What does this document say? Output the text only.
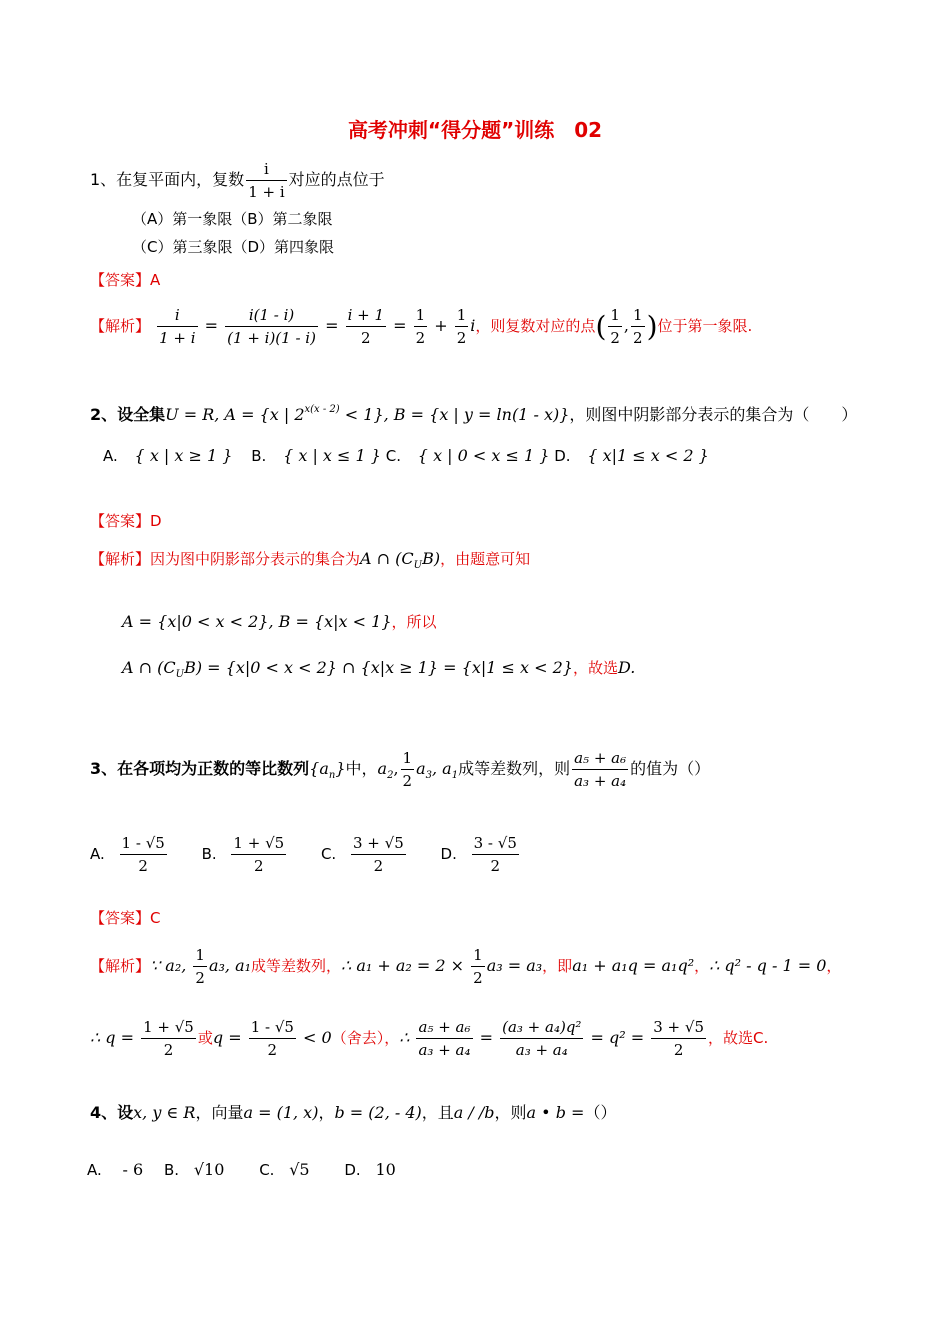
高考冲刺“得分题”训练　02
1、在复平面内，复数 $\frac{i}{1 + i}$ 对应的点位于
（A）第一象限（B）第二象限
（C）第三象限（D）第四象限
【答案】A
【解析】 $\frac{i}{1 + i} = \frac{i(1 - i)}{(1 + i)(1 - i)} = \frac{i + 1}{2} = \frac{1}{2} + \frac{1}{2}$ i，则复数对应的点( $\frac{1}{2}$ , $\frac{1}{2}$ )位于第一象限.
2、设全集U = R, A = {x | $2^{x(x - 2)} < 1$}, B = {x | y = ln(1 - x)}，则图中阴影部分表示的集合为（　　）
A. { x | x ≥ 1 } B. { x | x ≤ 1 } C. { x | 0 < x ≤ 1 } D. { x|1 ≤ x < 2 }
【答案】D
【解析】因为图中阴影部分表示的集合为A ∩ $(C_UB)$，由题意可知
A = {x|0 < x < 2}, B = {x|x < 1}，所以
A ∩ $(C_UB) = \{x|0 < x < 2\}$ ∩ {x|x ≥ 1} = {x|1 ≤ x < 2}，故选D.
3、在各项均为正数的等比数列$\{a_n\}$中，$a_2$, $\frac{1}{2} a_3$, $a_1$成等差数列，则 $\frac{\text{a₅ + a₆}}{\text{a₃ + a₄}}$ 的值为（）
A. $\frac{1 - √5}{2} B$. $\frac{1 + √5}{2} C$. $\frac{3 + √5}{2} D$. $\frac{3 - √5}{2}$
【答案】C
【解析】∵ a₂, $\frac{1}{2} a_3$, a₁成等差数列，∴ $a_1 + a_2 = 2 \times \frac{1}{2} a_3 = a_3$，即a₁ + a₁q = a₁q²，∴ q² - q - 1 = 0，
∴ $q = \frac{1 + √5}{2}$ 或$q = \frac{1 - √5}{2} < 0$（舍去），∴ $\frac{\text{a₅ + a₆}}{\text{a₃ + a₄}} = \frac{\text{(a₃ + a₄)q²}}{\text{a₃ + a₄}} = q^2 = \frac{3 + √5}{2}$ ，故选C.
4、设x, y ∈ R，向量a = (1, x)，b = (2, - 4)，且a / /b，则a • b =（）
A. - 6 B. √10 C. √5 D. 10
